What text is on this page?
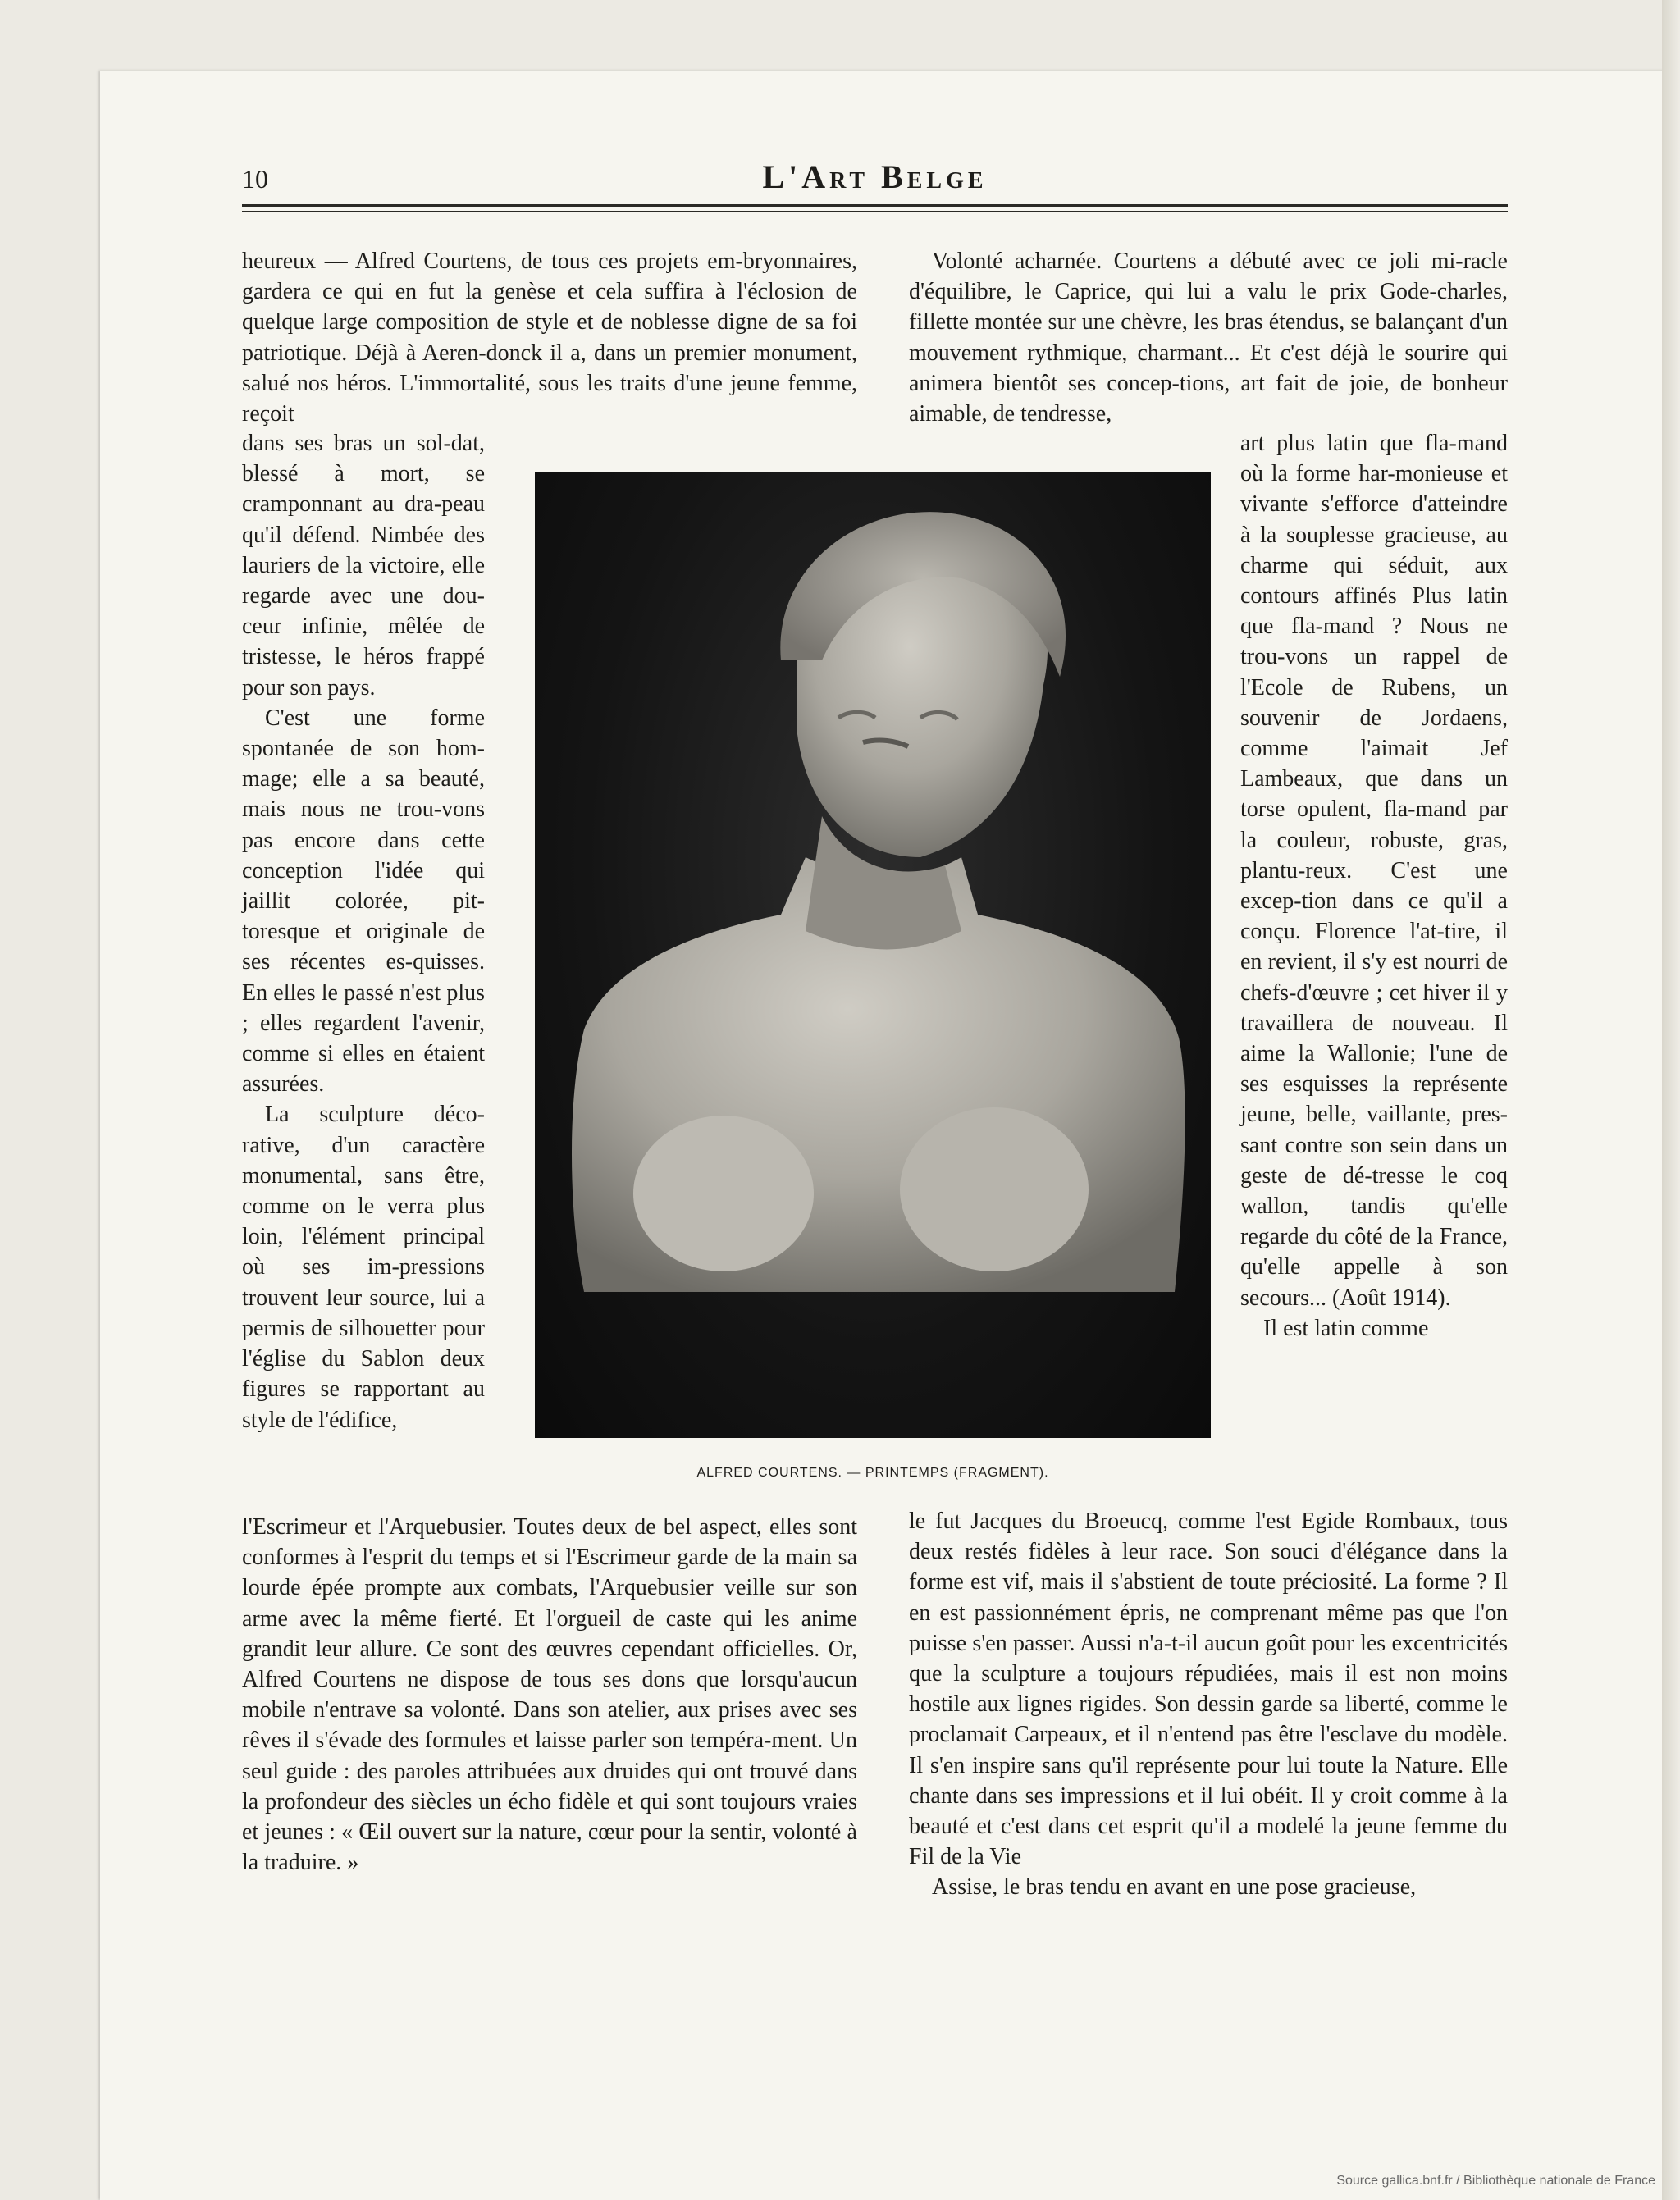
10	L'Art Belge

heureux — Alfred Courtens, de tous ces projets em-bryonnaires, gardera ce qui en fut la genèse et cela suffira à l'éclosion de quelque large composition de style et de noblesse digne de sa foi patriotique. Déjà à Aeren-donck il a, dans un premier monument, salué nos héros. L'immortalité, sous les traits d'une jeune femme, reçoit

Volonté acharnée. Courtens a débuté avec ce joli mi-racle d'équilibre, le Caprice, qui lui a valu le prix Gode-charles, fillette montée sur une chèvre, les bras étendus, se balançant d'un mouvement rythmique, charmant... Et c'est déjà le sourire qui animera bientôt ses concep-tions, art fait de joie, de bonheur aimable, de tendresse,

dans ses bras un sol-dat, blessé à mort, se cramponnant au dra-peau qu'il défend. Nimbée des lauriers de la victoire, elle regarde avec une dou-ceur infinie, mêlée de tristesse, le héros frappé pour son pays.

C'est une forme spontanée de son hom-mage; elle a sa beauté, mais nous ne trou-vons pas encore dans cette conception l'idée qui jaillit colorée, pit-toresque et originale de ses récentes es-quisses. En elles le passé n'est plus ; elles regardent l'avenir, comme si elles en étaient assurées.

La sculpture déco-rative, d'un caractère monumental, sans être, comme on le verra plus loin, l'élément principal où ses im-pressions trouvent leur source, lui a permis de silhouetter pour l'église du Sablon deux figures se rapportant au style de l'édifice,

art plus latin que fla-mand où la forme har-monieuse et vivante s'efforce d'atteindre à la souplesse gracieuse, au charme qui séduit, aux contours affinés Plus latin que fla-mand ? Nous ne trou-vons un rappel de l'Ecole de Rubens, un souvenir de Jordaens, comme l'aimait Jef Lambeaux, que dans un torse opulent, fla-mand par la couleur, robuste, gras, plantu-reux. C'est une excep-tion dans ce qu'il a conçu. Florence l'at-tire, il en revient, il s'y est nourri de chefs-d'œuvre ; cet hiver il y travaillera de nouveau. Il aime la Wallonie; l'une de ses esquisses la représente jeune, belle, vaillante, pres-sant contre son sein dans un geste de dé-tresse le coq wallon, tandis qu'elle regarde du côté de la France, qu'elle appelle à son secours... (Août 1914).

Il est latin comme

ALFRED COURTENS. — PRINTEMPS (FRAGMENT).

l'Escrimeur et l'Arquebusier. Toutes deux de bel aspect, elles sont conformes à l'esprit du temps et si l'Escrimeur garde de la main sa lourde épée prompte aux combats, l'Arquebusier veille sur son arme avec la même fierté. Et l'orgueil de caste qui les anime grandit leur allure. Ce sont des œuvres cependant officielles. Or, Alfred Courtens ne dispose de tous ses dons que lorsqu'aucun mobile n'entrave sa volonté. Dans son atelier, aux prises avec ses rêves il s'évade des formules et laisse parler son tempéra-ment. Un seul guide : des paroles attribuées aux druides qui ont trouvé dans la profondeur des siècles un écho fidèle et qui sont toujours vraies et jeunes : « Œil ouvert sur la nature, cœur pour la sentir, volonté à la traduire. »

le fut Jacques du Broeucq, comme l'est Egide Rombaux, tous deux restés fidèles à leur race. Son souci d'élégance dans la forme est vif, mais il s'abstient de toute préciosité. La forme ? Il en est passionnément épris, ne comprenant même pas que l'on puisse s'en passer. Aussi n'a-t-il aucun goût pour les excentricités que la sculpture a toujours répudiées, mais il est non moins hostile aux lignes rigides. Son dessin garde sa liberté, comme le proclamait Carpeaux, et il n'entend pas être l'esclave du modèle. Il s'en inspire sans qu'il représente pour lui toute la Nature. Elle chante dans ses impressions et il lui obéit. Il y croit comme à la beauté et c'est dans cet esprit qu'il a modelé la jeune femme du Fil de la Vie

Assise, le bras tendu en avant en une pose gracieuse,

Source gallica.bnf.fr / Bibliothèque nationale de France
